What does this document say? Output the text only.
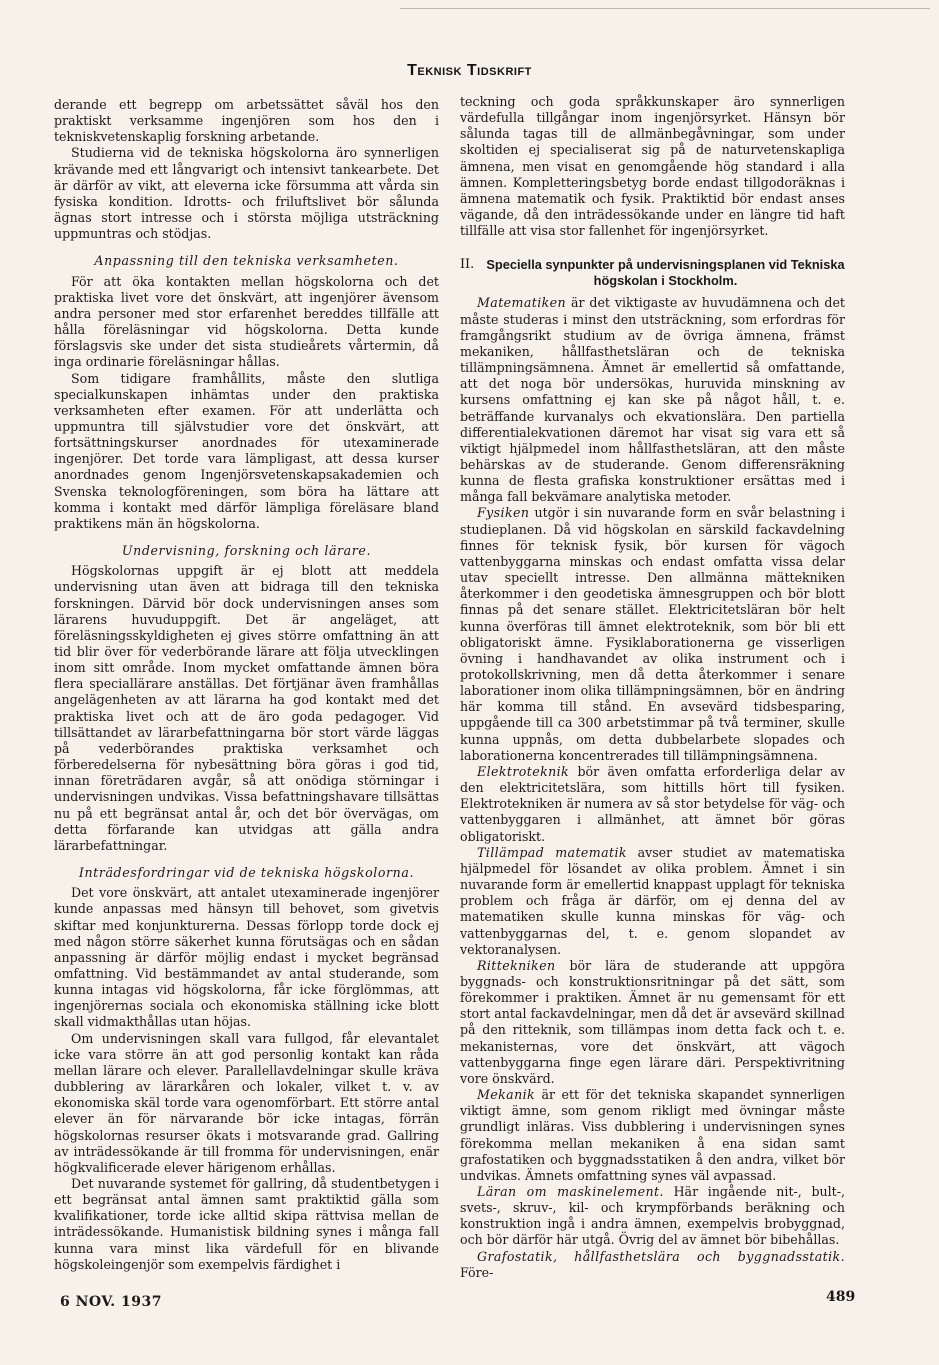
Teknisk Tidskrift

derande ett begrepp om arbetssättet såväl hos den praktiskt verksamme ingenjören som hos den i tekniskvetenskaplig forskning arbetande.

Studierna vid de tekniska högskolorna äro synnerligen krävande med ett långvarigt och intensivt tankearbete. Det är därför av vikt, att eleverna icke försumma att vårda sin fysiska kondition. Idrotts- och friluftslivet bör sålunda ägnas stort intresse och i största möjliga utsträckning uppmuntras och stödjas.

Anpassning till den tekniska verksamheten.

För att öka kontakten mellan högskolorna och det praktiska livet vore det önskvärt, att ingenjörer ävensom andra personer med stor erfarenhet bereddes tillfälle att hålla föreläsningar vid högskolorna. Detta kunde förslagsvis ske under det sista studieårets vårtermin, då inga ordinarie föreläsningar hållas.

Som tidigare framhållits, måste den slutliga specialkunskapen inhämtas under den praktiska verksamheten efter examen. För att underlätta och uppmuntra till självstudier vore det önskvärt, att fortsättningskurser anordnades för utexaminerade ingenjörer. Det torde vara lämpligast, att dessa kurser anordnades genom Ingenjörsvetenskapsakademien och Svenska teknologföreningen, som böra ha lättare att komma i kontakt med därför lämpliga föreläsare bland praktikens män än högskolorna.

Undervisning, forskning och lärare.

Högskolornas uppgift är ej blott att meddela undervisning utan även att bidraga till den tekniska forskningen. Därvid bör dock undervisningen anses som lärarens huvuduppgift. Det är angeläget, att föreläsningsskyldigheten ej gives större omfattning än att tid blir över för vederbörande lärare att följa utvecklingen inom sitt område. Inom mycket omfattande ämnen böra flera speciallärare anställas. Det förtjänar även framhållas angelägenheten av att lärarna ha god kontakt med det praktiska livet och att de äro goda pedagoger. Vid tillsättandet av lärarbefattningarna bör stort värde läggas på vederbörandes praktiska verksamhet och förberedelserna för nybesättning böra göras i god tid, innan företrädaren avgår, så att onödiga störningar i undervisningen undvikas. Vissa befattningshavare tillsättas nu på ett begränsat antal år, och det bör övervägas, om detta förfarande kan utvidgas att gälla andra lärarbefattningar.

Inträdesfordringar vid de tekniska högskolorna.

Det vore önskvärt, att antalet utexaminerade ingenjörer kunde anpassas med hänsyn till behovet, som givetvis skiftar med konjunkturerna. Dessas förlopp torde dock ej med någon större säkerhet kunna förutsägas och en sådan anpassning är därför möjlig endast i mycket begränsad omfattning. Vid bestämmandet av antal studerande, som kunna intagas vid högskolorna, får icke förglömmas, att ingenjörernas sociala och ekonomiska ställning icke blott skall vidmakthållas utan höjas.

Om undervisningen skall vara fullgod, får elevantalet icke vara större än att god personlig kontakt kan råda mellan lärare och elever. Parallellavdelningar skulle kräva dubblering av lärarkåren och lokaler, vilket t. v. av ekonomiska skäl torde vara ogenomförbart. Ett större antal elever än för närvarande bör icke intagas, förrän högskolornas resurser ökats i motsvarande grad. Gallring av inträdessökande är till fromma för undervisningen, enär högkvalificerade elever härigenom erhållas.

Det nuvarande systemet för gallring, då studentbetygen i ett begränsat antal ämnen samt praktiktid gälla som kvalifikationer, torde icke alltid skipa rättvisa mellan de inträdessökande. Humanistisk bildning synes i många fall kunna vara minst lika värdefull för en blivande högskoleingenjör som exempelvis färdighet i

teckning och goda språkkunskaper äro synnerligen värdefulla tillgångar inom ingenjörsyrket. Hänsyn bör sålunda tagas till de allmänbegåvningar, som under skoltiden ej specialiserat sig på de naturvetenskapliga ämnena, men visat en genomgående hög standard i alla ämnen. Kompletteringsbetyg borde endast tillgodoräknas i ämnena matematik och fysik. Praktiktid bör endast anses vägande, då den inträdessökande under en längre tid haft tillfälle att visa stor fallenhet för ingenjörsyrket.

II. Speciella synpunkter på undervisningsplanen vid Tekniska högskolan i Stockholm.

Matematiken är det viktigaste av huvudämnena och det måste studeras i minst den utsträckning, som erfordras för framgångsrikt studium av de övriga ämnena, främst mekaniken, hållfasthetsläran och de tekniska tillämpningsämnena. Ämnet är emellertid så omfattande, att det noga bör undersökas, huruvida minskning av kursens omfattning ej kan ske på något håll, t. e. beträffande kurvanalys och ekvationslära. Den partiella differentialekvationen däremot har visat sig vara ett så viktigt hjälpmedel inom hållfasthetsläran, att den måste behärskas av de studerande. Genom differensräkning kunna de flesta grafiska konstruktioner ersättas med i många fall bekvämare analytiska metoder.

Fysiken utgör i sin nuvarande form en svår belastning i studieplanen. Då vid högskolan en särskild fackavdelning finnes för teknisk fysik, bör kursen för vägoch vattenbyggarna minskas och endast omfatta vissa delar utav speciellt intresse. Den allmänna mättekniken återkommer i den geodetiska ämnesgruppen och bör blott finnas på det senare stället. Elektricitetsläran bör helt kunna överföras till ämnet elektroteknik, som bör bli ett obligatoriskt ämne. Fysiklaborationerna ge visserligen övning i handhavandet av olika instrument och i protokollskrivning, men då detta återkommer i senare laborationer inom olika tillämpningsämnen, bör en ändring här komma till stånd. En avsevärd tidsbesparing, uppgående till ca 300 arbetstimmar på två terminer, skulle kunna uppnås, om detta dubbelarbete slopades och laborationerna koncentrerades till tillämpningsämnena.

Elektroteknik bör även omfatta erforderliga delar av den elektricitetslära, som hittills hört till fysiken. Elektrotekniken är numera av så stor betydelse för väg- och vattenbyggaren i allmänhet, att ämnet bör göras obligatoriskt.

Tillämpad matematik avser studiet av matematiska hjälpmedel för lösandet av olika problem. Ämnet i sin nuvarande form är emellertid knappast upplagt för tekniska problem och fråga är därför, om ej denna del av matematiken skulle kunna minskas för väg- och vattenbyggarnas del, t. e. genom slopandet av vektoranalysen.

Rittekniken bör lära de studerande att uppgöra byggnads- och konstruktionsritningar på det sätt, som förekommer i praktiken. Ämnet är nu gemensamt för ett stort antal fackavdelningar, men då det är avsevärd skillnad på den ritteknik, som tillämpas inom detta fack och t. e. mekanisternas, vore det önskvärt, att vägoch vattenbyggarna finge egen lärare däri. Perspektivritning vore önskvärd.

Mekanik är ett för det tekniska skapandet synnerligen viktigt ämne, som genom rikligt med övningar måste grundligt inläras. Viss dubblering i undervisningen synes förekomma mellan mekaniken å ena sidan samt grafostatiken och byggnadsstatiken å den andra, vilket bör undvikas. Ämnets omfattning synes väl avpassad.

Läran om maskinelement. Här ingående nit-, bult-, svets-, skruv-, kil- och krympförbands beräkning och konstruktion ingå i andra ämnen, exempelvis brobyggnad, och bör därför här utgå. Övrig del av ämnet bör bibehållas.

Grafostatik, hållfasthetslära och byggnadsstatik. Före-

6 NOV. 1937	489
